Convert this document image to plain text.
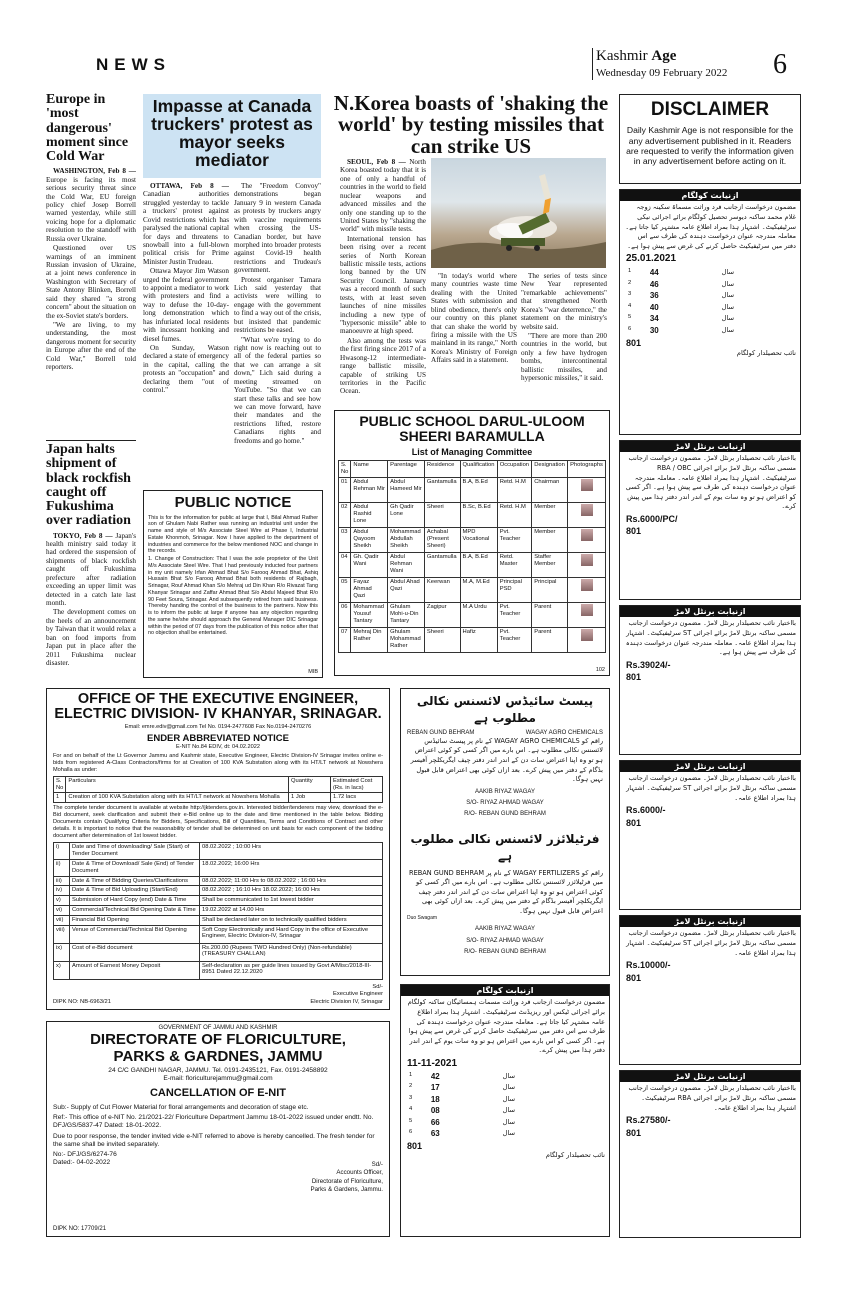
NEWS	Kashmir Age
Wednesday 09 February 2022 6
Europe in 'most dangerous' moment since Cold War

WASHINGTON, Feb 8 — Europe is facing its most serious security threat since the Cold War, EU foreign policy chief Josep Borrell warned yesterday, while still voicing hope for a diplomatic resolution to the standoff with Russia over Ukraine.

Questioned over US warnings of an imminent Russian invasion of Ukraine, at a joint news conference in Washington with Secretary of State Antony Blinken, Borrell said they shared "a strong concern" about the situation on the ex-Soviet state's borders.

"We are living, to my understanding, the most dangerous moment for security in Europe after the end of the Cold War," Borrell told reporters.

Japan halts shipment of black rockfish caught off Fukushima over radiation

TOKYO, Feb 8 — Japan's health ministry said today it had ordered the suspension of shipments of black rockfish caught off Fukushima prefecture after radiation exceeding an upper limit was detected in a catch late last month.

The development comes on the heels of an announcement by Taiwan that it would relax a ban on food imports from Japan put in place after the 2011 Fukushima nuclear disaster.

Impasse at Canada truckers' protest as mayor seeks mediator

OTTAWA, Feb 8 — Canadian authorities struggled yesterday to tackle a truckers' protest against Covid restrictions which has paralysed the national capital for days and threatens to snowball into a full-blown political crisis for Prime Minister Justin Trudeau.

Ottawa Mayor Jim Watson urged the federal government to appoint a mediator to work with protesters and find a way to defuse the 10-day-long demonstration which has infuriated local residents with incessant honking and diesel fumes.

On Sunday, Watson declared a state of emergency in the capital, calling the protests an "occupation" and declaring them "out of control."

The "Freedom Convoy" demonstrations began January 9 in western Canada as protests by truckers angry with vaccine requirements when crossing the US-Canadian border, but have morphed into broader protests against Covid-19 health restrictions and Trudeau's government.

Protest organiser Tamara Lich said yesterday that activists were willing to engage with the government to find a way out of the crisis, but insisted that pandemic restrictions be eased.

"What we're trying to do right now is reaching out to all of the federal parties so that we can arrange a sit down," Lich said during a meeting streamed on YouTube. "So that we can start these talks and see how we can move forward, have their mandates and the restrictions lifted, restore Canadians rights and freedoms and go home."

PUBLIC NOTICE
This is for the information for public at large that I, Bilal Ahmad Rather son of Ghulam Nabi Rather was running an industrial unit under the name and style of M/s Associate Steel Wire at Phase I, Industrial Estate Khonmoh, Srinagar. Now I have applied to the department of industries and commerce for the below mentioned NOC and change in the records.
1. Change of Construction: That I was the sole proprietor of the Unit M/s Associate Steel Wire. That I had previously inducted four partners in my unit namely Irfan Ahmad Bhat S/o Farooq Ahmad Bhat, Ashiq Hussain Bhat S/o Farooq Ahmad Bhat both residents of Rajbagh, Srinagar, Rouf Ahmad Khan S/o Mehraj ud Din Khan R/o Rivazat Tang Khanyar Srinagar and Zaffar Ahmad Bhat S/o Abdul Majeed Bhat R/o 90 Feet Soura, Srinagar. And subsequently retired from said business. Thereby handing the control of the business to the partners. Now this is to inform the public at large if anyone has any objection regarding the same he/she should approach the General Manager DIC Srinagar within the period of 07 days from the publication of this notice after that no objection shall be entertained.
MIB
N.Korea boasts of 'shaking the world' by testing missiles that can strike US

SEOUL, Feb 8 — North Korea boasted today that it is one of only a handful of countries in the world to field nuclear weapons and advanced missiles and the only one standing up to the United States by "shaking the world" with missile tests.

International tension has been rising over a recent series of North Korean ballistic missile tests, actions long banned by the UN Security Council. January was a record month of such tests, with at least seven launches of nine missiles including a new type of "hypersonic missile" able to manoeuvre at high speed.

Also among the tests was the first firing since 2017 of a Hwasong-12 intermediate-range ballistic missile, capable of striking US territories in the Pacific Ocean.

"In today's world where many countries waste time dealing with the United States with submission and blind obedience, there's only our country on this planet that can shake the world by firing a missile with the US mainland in its range," North Korea's Ministry of Foreign Affairs said in a statement.

The series of tests since New Year represented "remarkable achievements" that strengthened North Korea's "war deterrence," the statement on the ministry's website said.

"There are more than 200 countries in the world, but only a few have hydrogen bombs, intercontinental ballistic missiles, and hypersonic missiles," it said.

PUBLIC SCHOOL DARUL-ULOOM
SHEERI BARAMULLA
List of Managing Committee
S. No	Name	Parentage	Residence	Qualification	Occupation	Designation	Photographs
01	Abdul Rehman Mir	Abdul Hameed Mir	Gantamulla	B.A, B.Ed	Retd. H.M	Chairman	

02	Abdul Rashid Lone	Gh Qadir Lone	Sheeri	B.Sc, B.Ed	Retd. H.M	Member	

03	Abdul Qayoom Sheikh	Mohammad Abdullah Sheikh	Achabal (Present Sheeri)	MPD Vocational	Pvt. Teacher	Member	

04	Gh. Qadir Wani	Abdul Rehman Wani	Gantamulla	B.A, B.Ed	Retd. Master	Staffer Member	

05	Fayaz Ahmad Qazi	Abdul Ahad Qazi	Keerwan	M.A, M.Ed	Principal PSD	Principal	

06	Mohammad Yousuf Tantary	Ghulam Mohi-u-Din Tantary	Zagipur	M.A Urdu	Pvt. Teacher	Parent	

07	Mehraj Din Rather	Ghulam Mohammad Rather	Sheeri	Hafiz	Pvt. Teacher	Parent	
102
DISCLAIMER
Daily Kashmir Age is not responsible for the any advertisement published in it. Readers are requested to verify the information given in any advertisement before acting on it.
ازنیابت کولگام
مضمون درخواست ازجانب فرد وراثت مسماۃ سکینہ زوجہ غلام محمد ساکنہ دیوسر تحصیل کولگام برائے اجرائی نیکی سرٹیفیکیٹ۔ اشتہار ہذا بمراد اطلاع عامہ مشتہر کیا جاتا ہے۔ معاملہ مندرجہ عنوان درخواست دہندہ کی طرف سے اس دفتر میں سرٹیفیکیٹ حاصل کرنے کی غرض سے پیش ہوا ہے۔
25.01.2021
1	44	سال
2	46	سال
3	36	سال
4	40	سال
5	34	سال
6	30	سال
801
نائب تحصیلدار کولگام
ازنیابت برنٹل لامڑ
بااختیار نائب تحصیلدار برنٹل لامڑ۔ مضمون درخواست ازجانب مسمی ساکنہ برنٹل لامڑ برائے اجرائی RBA / OBC سرٹیفیکیٹ۔ اشتہار ہذا بمراد اطلاع عامہ۔ معاملہ مندرجہ عنوان درخواست دہندہ کی طرف سے پیش ہوا ہے۔ اگر کسی کو اعتراض ہو تو وہ سات یوم کے اندر اندر دفتر ہذا میں پیش کرے۔
Rs.6000/PC/
801
ازنیابت برنٹل لامڑ
بااختیار نائب تحصیلدار برنٹل لامڑ۔ مضمون درخواست ازجانب مسمی ساکنہ برنٹل لامڑ برائے اجرائی ST سرٹیفیکیٹ۔ اشتہار ہذا بمراد اطلاع عامہ۔ معاملہ مندرجہ عنوان درخواست دہندہ کی طرف سے پیش ہوا ہے۔
Rs.39024/-
801
ازنیابت برنٹل لامڑ
بااختیار نائب تحصیلدار برنٹل لامڑ۔ مضمون درخواست ازجانب مسمی ساکنہ برنٹل لامڑ برائے اجرائی ST سرٹیفیکیٹ۔ اشتہار ہذا بمراد اطلاع عامہ۔
Rs.6000/-
801
ازنیابت برنٹل لامڑ
بااختیار نائب تحصیلدار برنٹل لامڑ۔ مضمون درخواست ازجانب مسمی ساکنہ برنٹل لامڑ برائے اجرائی ST سرٹیفیکیٹ۔ اشتہار ہذا بمراد اطلاع عامہ۔
Rs.10000/-
801
ازنیابت برنٹل لامڑ
بااختیار نائب تحصیلدار برنٹل لامڑ۔ مضمون درخواست ازجانب مسمی ساکنہ برنٹل لامڑ برائے اجرائی RBA سرٹیفیکیٹ۔ اشتہار ہذا بمراد اطلاع عامہ۔
Rs.27580/-
801
OFFICE OF THE EXECUTIVE ENGINEER,
ELECTRIC DIVISION- IV KHANYAR, SRINAGAR.
Email: emre.ediv@gmail.com Tel No. 0194-2477608 Fax No.0194-2470276
ENDER ABBREVIATED NOTICE
E-NIT No.84 EDIV, dt: 04.02.2022
For and on behalf of the Lt Governor Jammu and Kashmir state, Executive Engineer, Electric Division-IV Srinagar invites online e-bids from registered A-Class Contractors/firms for at Creation of 100 KVA Substation along with its HT/LT network at Nowshera Mohalla as under:
S. No	Particulars	Quantity	Estimated Cost (Rs. in lacs)
1	Creation of 100 KVA Substation along with its HT/LT network at Nowshera Mohalla	1 Job	1.72 lacs
The complete tender document is available at website http://jktenders.gov.in. Interested bidder/tenderers may view, download the e-Bid document, seek clarification and submit their e-Bid online up to the date and time mentioned in the table below. Bidding Documents contain Qualifying Criteria for Bidders, Specifications, Bill of Quantities, Terms and Conditions of Contract and other details. It is important to notice that the reasonability of tender shall be determined on unit basis for each component of the bidding document after determination of 1st lowest bidder.
i)	Date and Time of downloading/ Sale (Start) of Tender Document	08.02.2022 ; 10:00 Hrs
ii)	Date & Time of Download/ Sale (End) of Tender Document	18.02.2022; 16:00 Hrs
iii)	Date & Time of Bidding Queries/Clarifications	08.02.2022; 11:00 Hrs to 08.02.2022 ; 16:00 Hrs
iv)	Date & Time of Bid Uploading (Start/End)	08.02.2022 ; 16:10 Hrs 18.02.2022; 16:00 Hrs
v)	Submission of Hard Copy (end) Date & Time	Shall be communicated to 1st lowest bidder
vi)	Commercial/Technical Bid Opening Date & Time	19.02.2022 at 14.00 Hrs
vii)	Financial Bid Opening	Shall be declared later on to technically qualified bidders
viii)	Venue of Commercial/Technical Bid Opening	Soft Copy Electronically and Hard Copy in the office of Executive Engineer, Electric Division-IV, Srinagar
ix)	Cost of e-Bid document	Rs.200.00 (Rupees TWO Hundred Only) (Non-refundable) (TREASURY CHALLAN)
x)	Amount of Earnest Money Deposit	Self-declaration as per guide lines issued by Govt A/Misc/2018-III-8951 Dated 22.12.2020
Sd/-
Executive Engineer
Electric Division IV, Srinagar
DIPK NO: NB-6963/21
GOVERNMENT OF JAMMU AND KASHMIR
DIRECTORATE OF FLORICULTURE,
PARKS & GARDNES, JAMMU
24 C/C GANDHI NAGAR, JAMMU. Tel. 0191-2435121, Fax. 0191-2458892
E-mail: floriculturejammu@gmail.com
CANCELLATION OF E-NIT
Sub:- Supply of Cut Flower Material for floral arrangements and decoration of stage etc.
Ref:- This office of e-NIT No. 21/2021-22/ Floriculture Department Jammu 18-01-2022 issued under endtt. No. DFJ/GS/5837-47 Dated: 18-01-2022.
Due to poor response, the tender invited vide e-NIT referred to above is hereby cancelled. The fresh tender for the same shall be invited separately.
No:- DFJ/GS/6274-76
Dated:- 04-02-2022	Sd/-
Accounts Officer,
Directorate of Floriculture,
Parks & Gardens, Jammu.
DIPK NO: 17709/21
پیسٹ سائیڈس لائسنس نکالی مطلوب ہے
REBAN GUND BEHRAM	WAGAY AGRO CHEMICALS
راقم کو WAGAY AGRO CHEMICALS کے نام پر پیسٹ سائیڈس لائسنس نکالی مطلوب ہے۔ اس بارے میں اگر کسی کو کوئی اعتراض ہو تو وہ اپنا اعتراض سات دن کے اندر اندر دفتر چیف ایگریکلچر آفیسر بڈگام کے دفتر میں پیش کرے۔ بعد ازاں کوئی بھی اعتراض قابل قبول نہیں ہوگا۔
AAKIB RIYAZ WAGAY
S/O- RIYAZ AHMAD WAGAY
R/O- REBAN GUND BEHRAM
فرٹیلائزر لائسنس نکالی مطلوب ہے
راقم کو WAGAY FERTILIZERS کے نام پر REBAN GUND BEHRAM میں فرٹیلائزر لائسنس نکالی مطلوب ہے۔ اس بارے میں اگر کسی کو کوئی اعتراض ہو تو وہ اپنا اعتراض سات دن کے اندر اندر دفتر چیف ایگریکلچر آفیسر بڈگام کے دفتر میں پیش کرے۔ بعد ازاں کوئی بھی اعتراض قابل قبول نہیں ہوگا۔
Duo Swagam
AAKIB RIYAZ WAGAY
S/O- RIYAZ AHMAD WAGAY
R/O- REBAN GUND BEHRAM
ازنیابت کولگام
مضمون درخواست ازجانب فرد وراثت مسمات ہمسائیگان ساکنہ کولگام برائے اجرائی ٹیکس اور ریزیڈنٹ سرٹیفیکیٹ۔ اشتہار ہذا بمراد اطلاع عامہ مشتہر کیا جاتا ہے۔ معاملہ مندرجہ عنوان درخواست دہندہ کی طرف سے اس دفتر میں سرٹیفیکیٹ حاصل کرنے کی غرض سے پیش ہوا ہے۔ اگر کسی کو اس بارے میں اعتراض ہو تو وہ سات یوم کے اندر اندر دفتر ہذا میں پیش کرے۔
11-11-2021
1	42	سال
2	17	سال
3	18	سال
4	08	سال
5	66	سال
6	63	سال
801
نائب تحصیلدار کولگام
